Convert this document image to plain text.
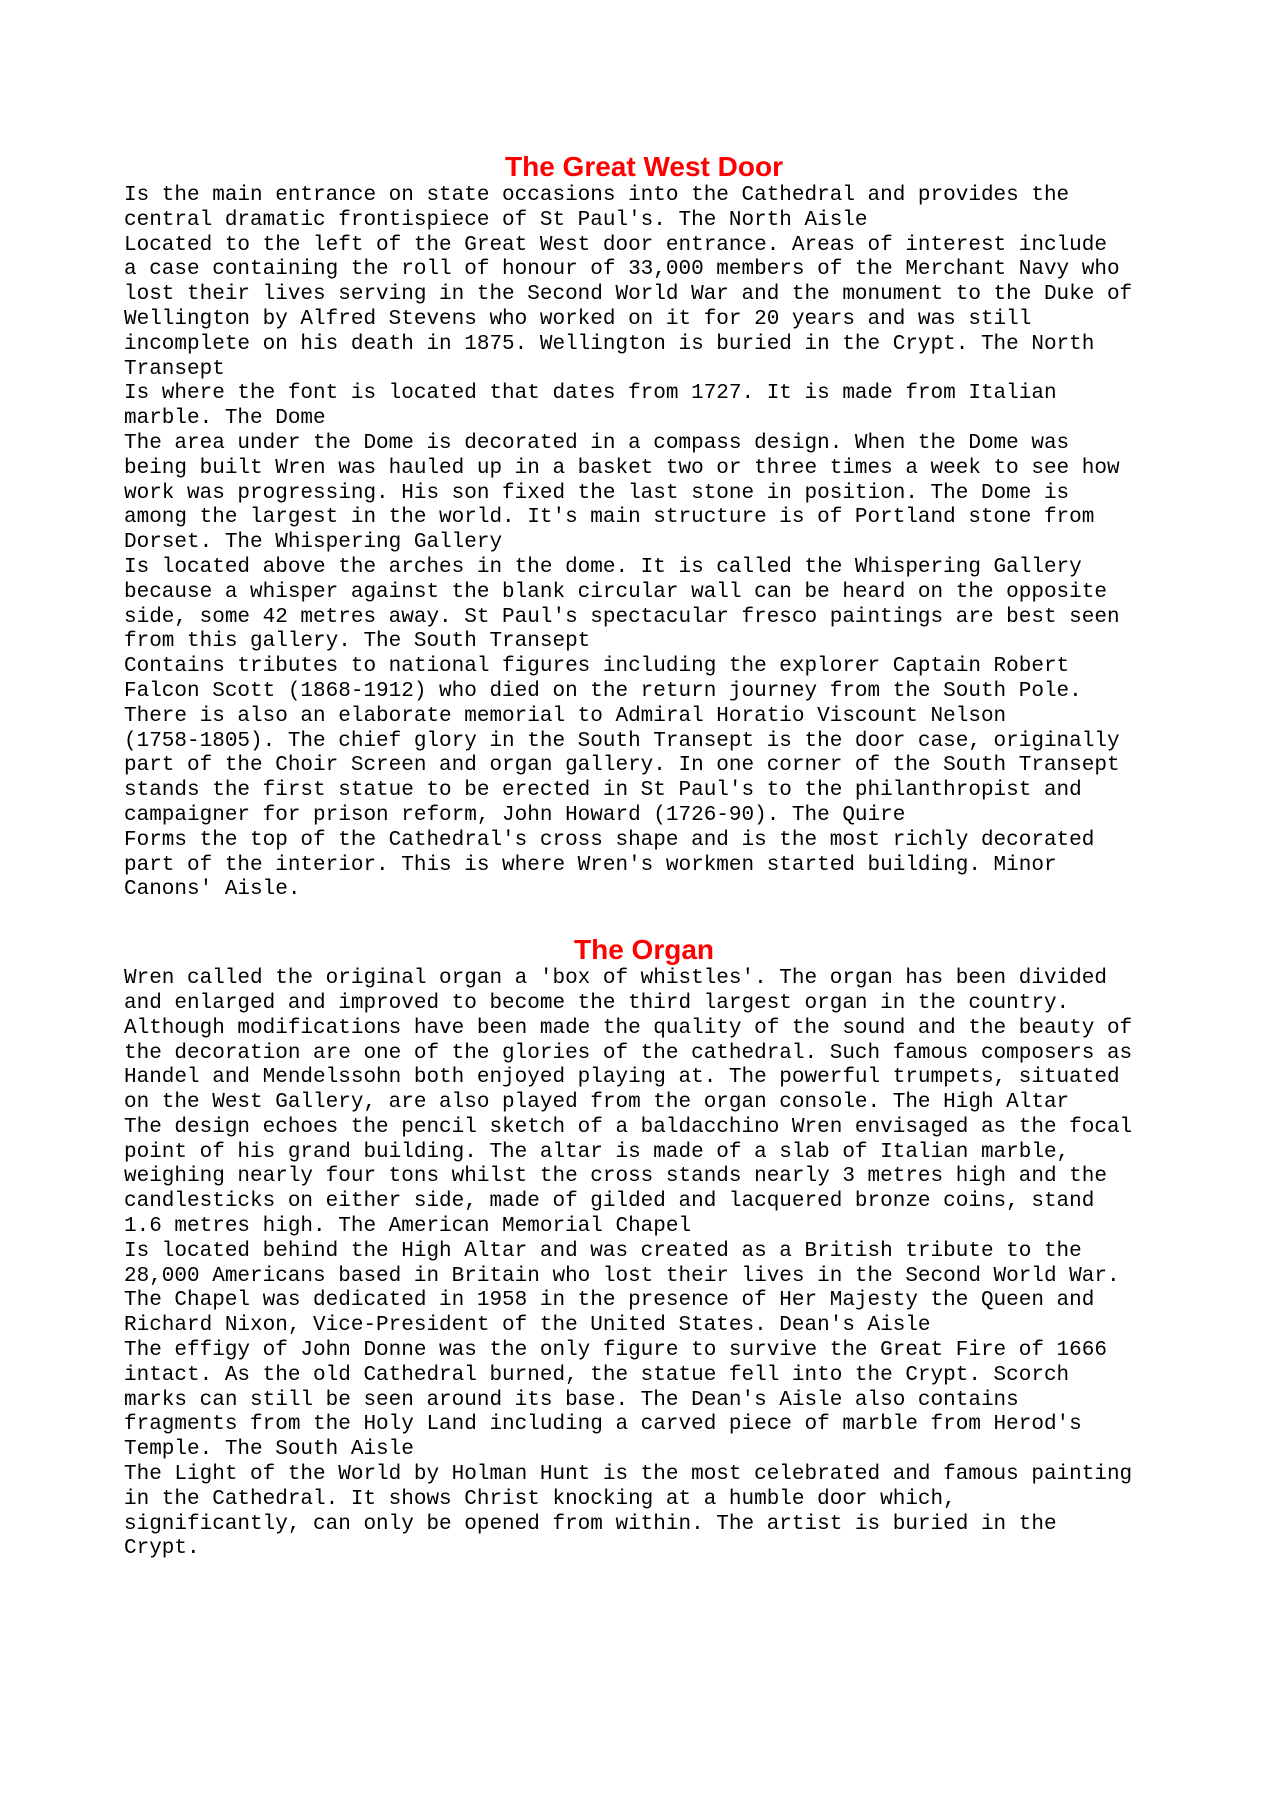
The Great West Door
Is the main entrance on state occasions into the Cathedral and provides the
central dramatic frontispiece of St Paul's. The North Aisle
Located to the left of the Great West door entrance. Areas of interest include
a case containing the roll of honour of 33,000 members of the Merchant Navy who
lost their lives serving in the Second World War and the monument to the Duke of
Wellington by Alfred Stevens who worked on it for 20 years and was still
incomplete on his death in 1875. Wellington is buried in the Crypt. The North
Transept
Is where the font is located that dates from 1727. It is made from Italian
marble. The Dome
The area under the Dome is decorated in a compass design. When the Dome was
being built Wren was hauled up in a basket two or three times a week to see how
work was progressing. His son fixed the last stone in position. The Dome is
among the largest in the world. It's main structure is of Portland stone from
Dorset. The Whispering Gallery
Is located above the arches in the dome. It is called the Whispering Gallery
because a whisper against the blank circular wall can be heard on the opposite
side, some 42 metres away. St Paul's spectacular fresco paintings are best seen
from this gallery. The South Transept
Contains tributes to national figures including the explorer Captain Robert
Falcon Scott (1868-1912) who died on the return journey from the South Pole.
There is also an elaborate memorial to Admiral Horatio Viscount Nelson
(1758-1805). The chief glory in the South Transept is the door case, originally
part of the Choir Screen and organ gallery. In one corner of the South Transept
stands the first statue to be erected in St Paul's to the philanthropist and
campaigner for prison reform, John Howard (1726-90). The Quire
Forms the top of the Cathedral's cross shape and is the most richly decorated
part of the interior. This is where Wren's workmen started building. Minor
Canons' Aisle.
The Organ
Wren called the original organ a 'box of whistles'. The organ has been divided
and enlarged and improved to become the third largest organ in the country.
Although modifications have been made the quality of the sound and the beauty of
the decoration are one of the glories of the cathedral. Such famous composers as
Handel and Mendelssohn both enjoyed playing at. The powerful trumpets, situated
on the West Gallery, are also played from the organ console. The High Altar
The design echoes the pencil sketch of a baldacchino Wren envisaged as the focal
point of his grand building. The altar is made of a slab of Italian marble,
weighing nearly four tons whilst the cross stands nearly 3 metres high and the
candlesticks on either side, made of gilded and lacquered bronze coins, stand
1.6 metres high. The American Memorial Chapel
Is located behind the High Altar and was created as a British tribute to the
28,000 Americans based in Britain who lost their lives in the Second World War.
The Chapel was dedicated in 1958 in the presence of Her Majesty the Queen and
Richard Nixon, Vice-President of the United States. Dean's Aisle
The effigy of John Donne was the only figure to survive the Great Fire of 1666
intact. As the old Cathedral burned, the statue fell into the Crypt. Scorch
marks can still be seen around its base. The Dean's Aisle also contains
fragments from the Holy Land including a carved piece of marble from Herod's
Temple. The South Aisle
The Light of the World by Holman Hunt is the most celebrated and famous painting
in the Cathedral. It shows Christ knocking at a humble door which,
significantly, can only be opened from within. The artist is buried in the
Crypt.
